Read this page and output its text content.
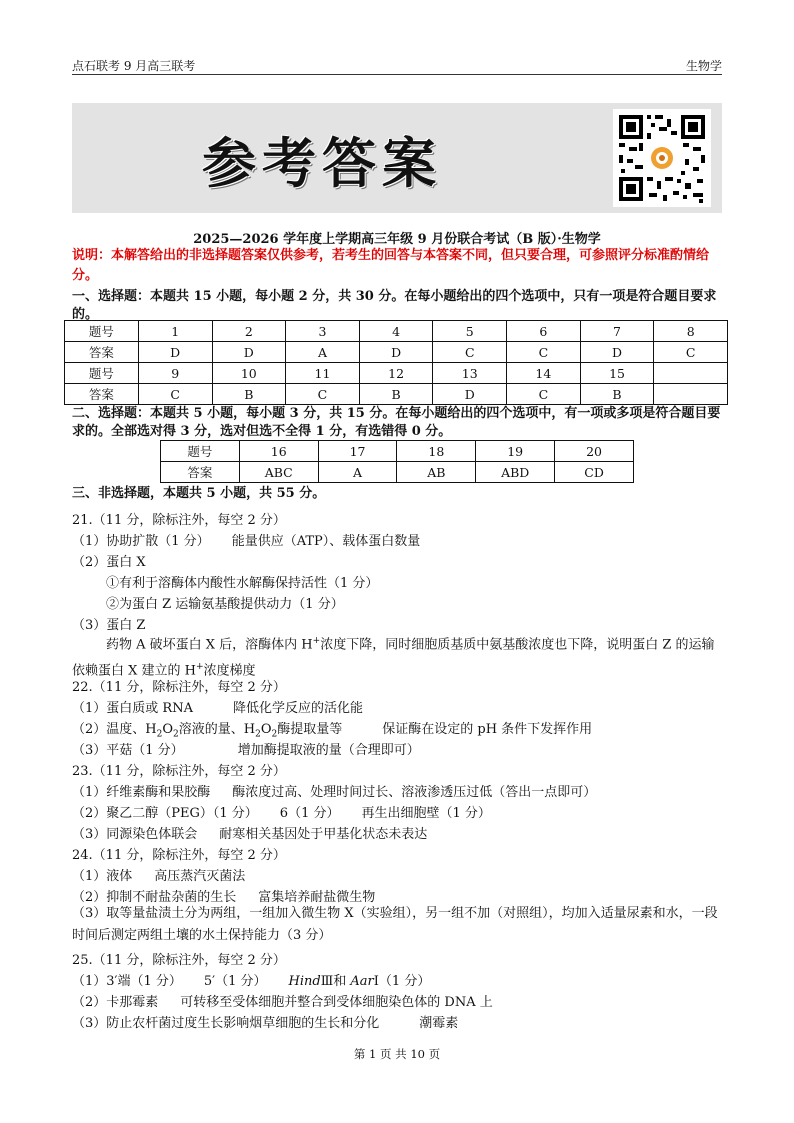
点石联考 9 月高三联考	生物学
参考答案
2025—2026 学年度上学期高三年级 9 月份联合考试（B 版）·生物学
说明：本解答给出的非选择题答案仅供参考，若考生的回答与本答案不同，但只要合理，可参照评分标准酌情给分。
一、选择题：本题共 15 小题，每小题 2 分，共 30 分。在每小题给出的四个选项中，只有一项是符合题目要求的。
题号	1	2	3	4	5	6	7	8
答案	D	D	A	D	C	C	D	C
题号	9	10	11	12	13	14	15	
答案	C	B	C	B	D	C	B	
二、选择题：本题共 5 小题，每小题 3 分，共 15 分。在每小题给出的四个选项中，有一项或多项是符合题目要求的。全部选对得 3 分，选对但选不全得 1 分，有选错得 0 分。
题号	16	17	18	19	20
答案	ABC	A	AB	ABD	CD
三、非选择题，本题共 5 小题，共 55 分。
21.（11 分，除标注外，每空 2 分）
（1）协助扩散（1 分） 能量供应（ATP）、载体蛋白数量
（2）蛋白 X
①有利于溶酶体内酸性水解酶保持活性（1 分）
②为蛋白 Z 运输氨基酸提供动力（1 分）
（3）蛋白 Z
药物 A 破坏蛋白 X 后，溶酶体内 H+浓度下降，同时细胞质基质中氨基酸浓度也下降，说明蛋白 Z 的运输依赖蛋白 X 建立的 H+浓度梯度
22.（11 分，除标注外，每空 2 分）
（1）蛋白质或 RNA	降低化学反应的活化能
（2）温度、$H_2O_2$溶液的量、$H_2O_2$酶提取量等	保证酶在设定的 pH 条件下发挥作用
（3）平菇（1 分）	增加酶提取液的量（合理即可）
23.（11 分，除标注外，每空 2 分）
（1）纤维素酶和果胶酶 酶浓度过高、处理时间过长、溶液渗透压过低（答出一点即可）
（2）聚乙二醇（PEG）（1 分） 6（1 分） 再生出细胞壁（1 分）
（3）同源染色体联会 耐寒相关基因处于甲基化状态未表达
24.（11 分，除标注外，每空 2 分）
（1）液体 高压蒸汽灭菌法
（2）抑制不耐盐杂菌的生长 富集培养耐盐微生物
（3）取等量盐渍土分为两组，一组加入微生物 X（实验组），另一组不加（对照组），均加入适量尿素和水，一段时间后测定两组土壤的水土保持能力（3 分）
25.（11 分，除标注外，每空 2 分）
（1）3′端（1 分） 5′（1 分） HindⅢ和 AarⅠ（1 分）
（2）卡那霉素 可转移至受体细胞并整合到受体细胞染色体的 DNA 上
（3）防止农杆菌过度生长影响烟草细胞的生长和分化	潮霉素
第 1 页 共 10 页
